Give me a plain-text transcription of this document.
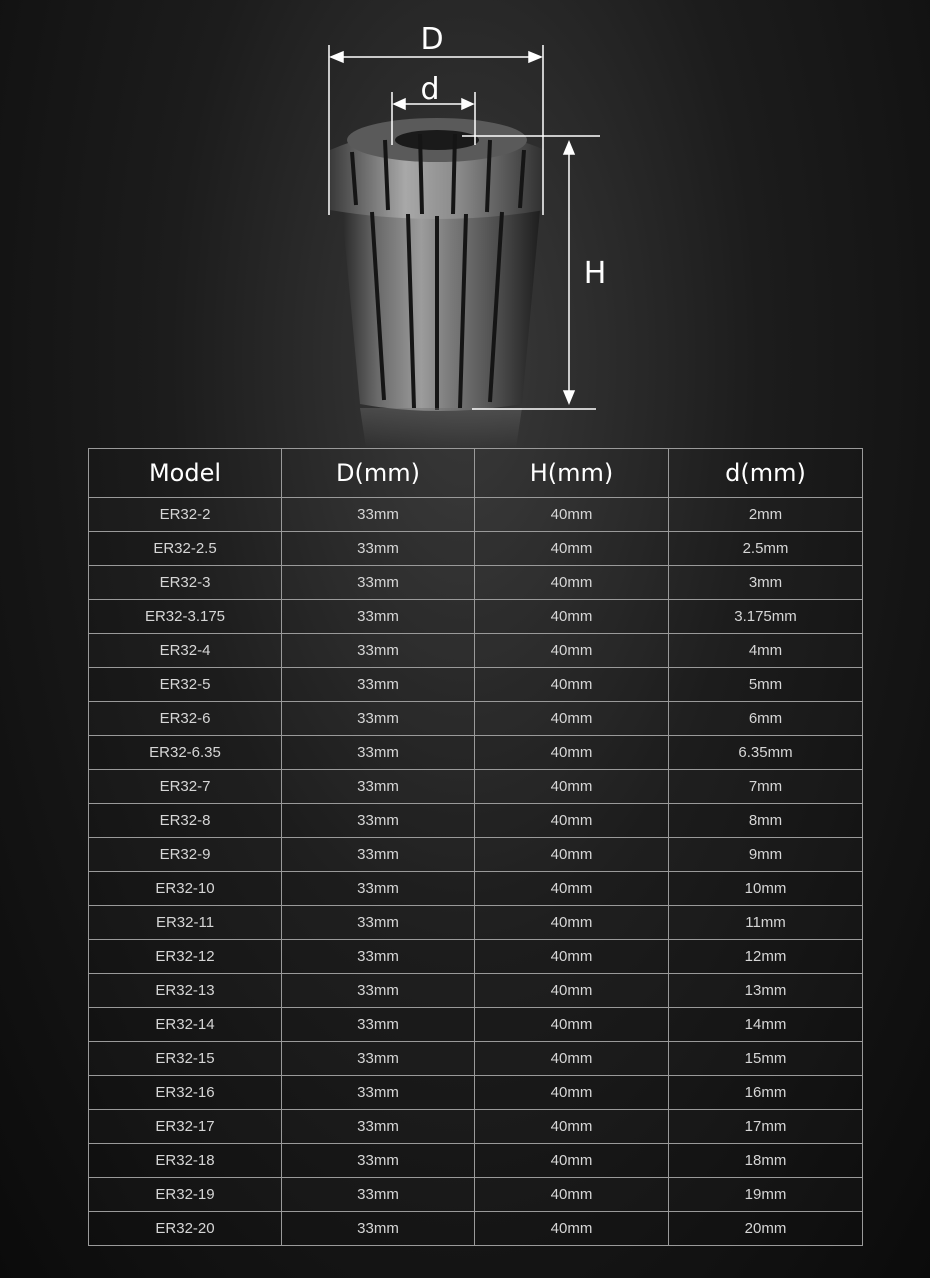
D
d
H
Model	D(mm)	H(mm)	d(mm)
ER32-2	33mm	40mm	2mm
ER32-2.5	33mm	40mm	2.5mm
ER32-3	33mm	40mm	3mm
ER32-3.175	33mm	40mm	3.175mm
ER32-4	33mm	40mm	4mm
ER32-5	33mm	40mm	5mm
ER32-6	33mm	40mm	6mm
ER32-6.35	33mm	40mm	6.35mm
ER32-7	33mm	40mm	7mm
ER32-8	33mm	40mm	8mm
ER32-9	33mm	40mm	9mm
ER32-10	33mm	40mm	10mm
ER32-11	33mm	40mm	11mm
ER32-12	33mm	40mm	12mm
ER32-13	33mm	40mm	13mm
ER32-14	33mm	40mm	14mm
ER32-15	33mm	40mm	15mm
ER32-16	33mm	40mm	16mm
ER32-17	33mm	40mm	17mm
ER32-18	33mm	40mm	18mm
ER32-19	33mm	40mm	19mm
ER32-20	33mm	40mm	20mm
